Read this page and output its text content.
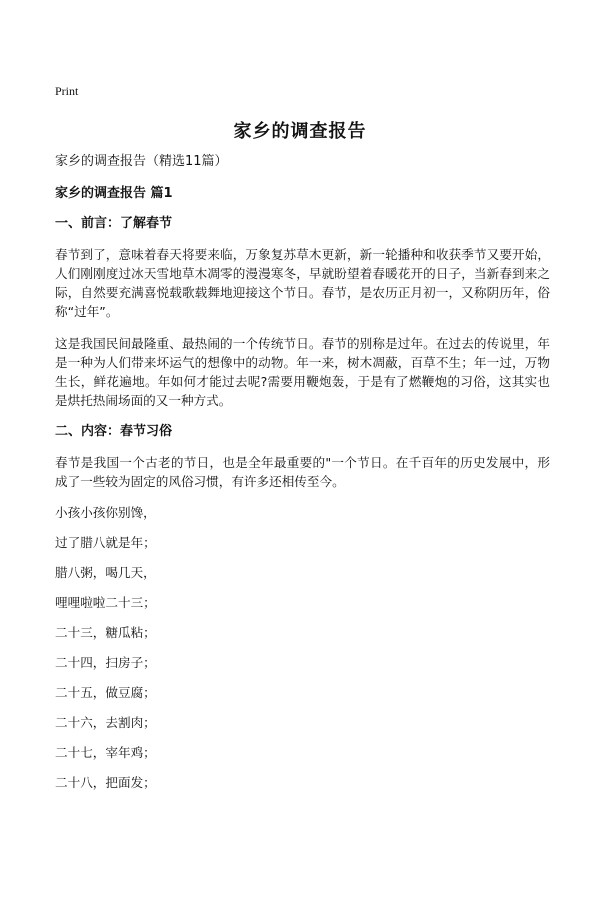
Print
家乡的调查报告

家乡的调查报告（精选11篇）

家乡的调查报告 篇1

一、前言：了解春节

春节到了，意味着春天将要来临，万象复苏草木更新，新一轮播种和收获季节又要开始，人们刚刚度过冰天雪地草木凋零的漫漫寒冬，早就盼望着春暖花开的日子，当新春到来之际，自然要充满喜悦载歌载舞地迎接这个节日。春节，是农历正月初一，又称阴历年，俗称“过年”。

这是我国民间最隆重、最热闹的一个传统节日。春节的别称是过年。在过去的传说里，年是一种为人们带来坏运气的想像中的动物。年一来，树木凋蔽，百草不生；年一过，万物生长，鲜花遍地。年如何才能过去呢?需要用鞭炮轰，于是有了燃鞭炮的习俗，这其实也是烘托热闹场面的又一种方式。

二、内容：春节习俗

春节是我国一个古老的节日，也是全年最重要的"一个节日。在千百年的历史发展中，形成了一些较为固定的风俗习惯，有许多还相传至今。

小孩小孩你别馋，

过了腊八就是年；

腊八粥，喝几天，

哩哩啦啦二十三；

二十三，糖瓜粘；

二十四，扫房子；

二十五，做豆腐；

二十六，去割肉；

二十七，宰年鸡；

二十八，把面发；
